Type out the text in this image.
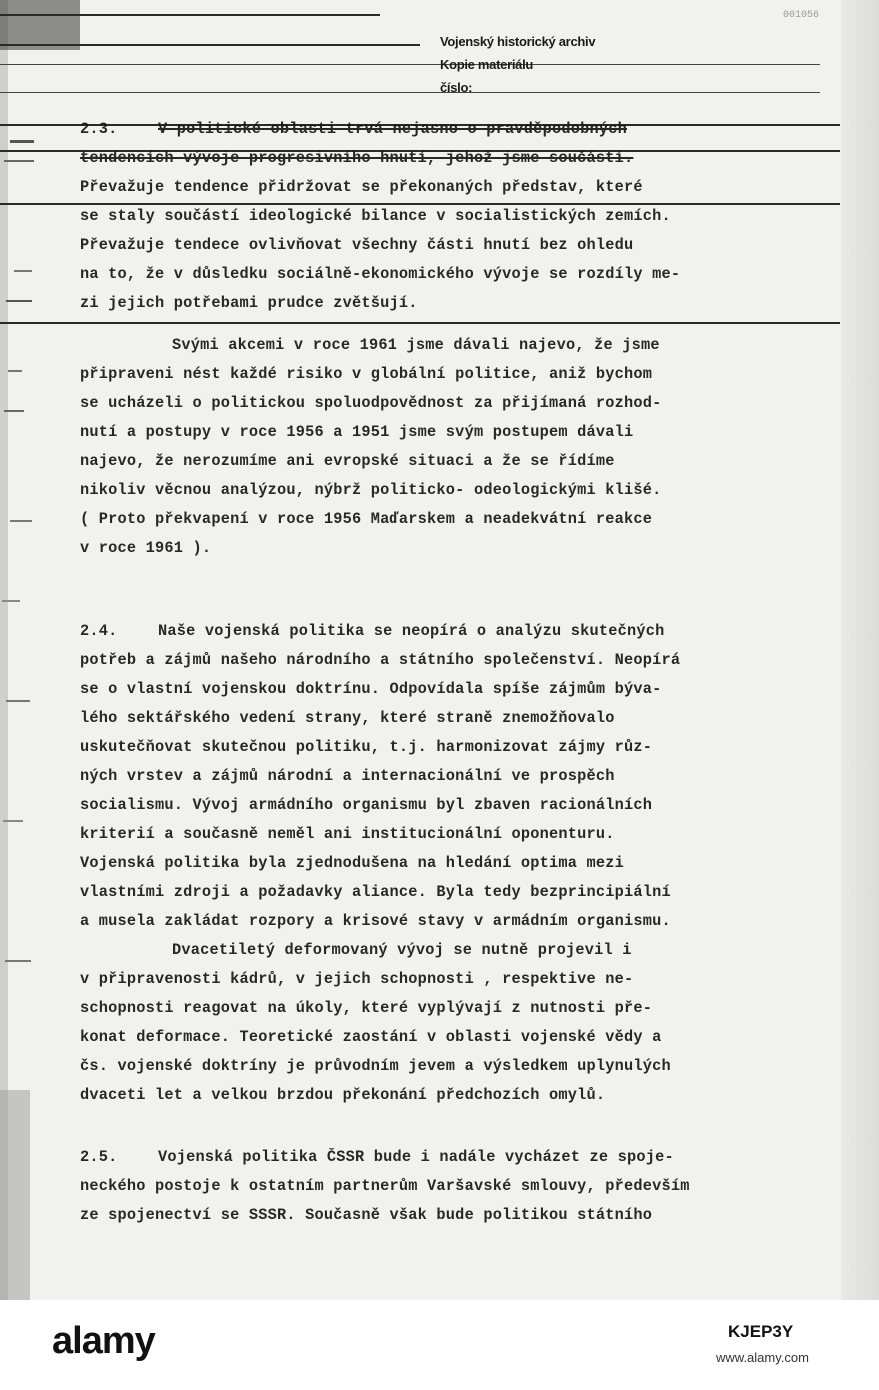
001056
Vojenský historický archiv
Kopie materiálu
číslo:
2.3.	V politické oblasti trvá nejasno o pravděpodobných
tendencích vývoje progresivního hnutí, jehož jsme součástí.
Převažuje tendence přidržovat se překonaných představ, které
se staly součástí ideologické bilance v socialistických zemích.
Převažuje tendece ovlivňovat všechny části hnutí bez ohledu
na to, že v důsledku sociálně-ekonomického vývoje se rozdíly me-
zi jejich potřebami prudce zvětšují.
Svými akcemi v roce 1961 jsme dávali najevo, že jsme
připraveni nést každé risiko v globální politice, aniž bychom
se ucházeli o politickou spoluodpovědnost za přijímaná rozhod-
nutí a postupy v roce 1956 a 1951 jsme svým postupem dávali
najevo, že nerozumíme ani evropské situaci a že se řídíme
nikoliv věcnou analýzou, nýbrž politicko- odeologickými klišé.
( Proto překvapení v roce 1956 Maďarskem a neadekvátní reakce
v roce 1961 ).
2.4.	Naše vojenská politika se neopírá o analýzu skutečných
potřeb a zájmů našeho národního a státního společenství. Neopírá
se o vlastní vojenskou doktrínu. Odpovídala spíše zájmům býva-
lého sektářského vedení strany, které straně znemožňovalo
uskutečňovat skutečnou politiku, t.j. harmonizovat zájmy růz-
ných vrstev a zájmů národní a internacionální ve prospěch
socialismu. Vývoj armádního organismu byl zbaven racionálních
kriterií a současně neměl ani institucionální oponenturu.
Vojenská politika byla zjednodušena na hledání optima mezi
vlastními zdroji a požadavky aliance. Byla tedy bezprincipiální
a musela zakládat rozpory a krisové stavy v armádním organismu.
Dvacetiletý deformovaný vývoj se nutně projevil i
v připravenosti kádrů, v jejich schopnosti , respektive ne-
schopnosti reagovat na úkoly, které vyplývají z nutnosti pře-
konat deformace. Teoretické zaostání v oblasti vojenské vědy a
čs. vojenské doktríny je průvodním jevem a výsledkem uplynulých
dvaceti let a velkou brzdou překonání předchozích omylů.
2.5.	Vojenská politika ČSSR bude i nadále vycházet ze spoje-
neckého postoje k ostatním partnerům Varšavské smlouvy, především
ze spojenectví se SSSR. Současně však bude politikou státního
alamy	KJEP3Y
www.alamy.com
